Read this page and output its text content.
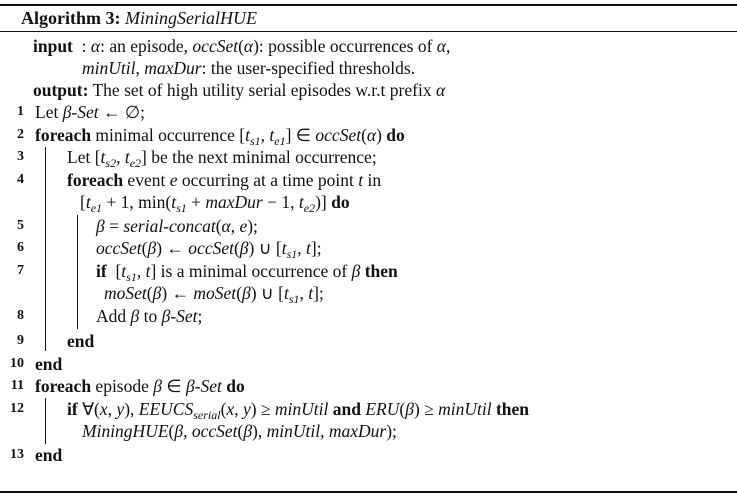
Algorithm 3: MiningSerialHUE
input  : α: an episode, occSet(α): possible occurrences of α,
minUtil, maxDur: the user-specified thresholds.
output: The set of high utility serial episodes w.r.t prefix α
1 Let β-Set ← ∅;
2 foreach minimal occurrence [$t_{s1}$, $t_{e1}$] ∈ occSet(α) do
3 Let [$t_{s2}$, $t_{e2}$] be the next minimal occurrence;
4 foreach event e occurring at a time point t in
[$t_{e1} + 1$, $\min(t_{s1}$ + maxDur − 1, $t_{e2}$)] do
5	β = serial-concat(α, e);
6	occSet(β) ← occSet(β) ∪ [$t_{s1}$, t];
7	if  [$t_{s1}$, t] is a minimal occurrence of β then
moSet(β) ← moSet(β) ∪ [$t_{s1}$, t];
8	Add β to β-Set;
9 end
10 end
11 foreach episode β ∈ β-Set do
12 if ∀(x, y), $EEUCS_{serial}(x$, y) ≥ minUtil and ERU(β) ≥ minUtil then
MiningHUE(β, occSet(β), minUtil, maxDur);
13 end
